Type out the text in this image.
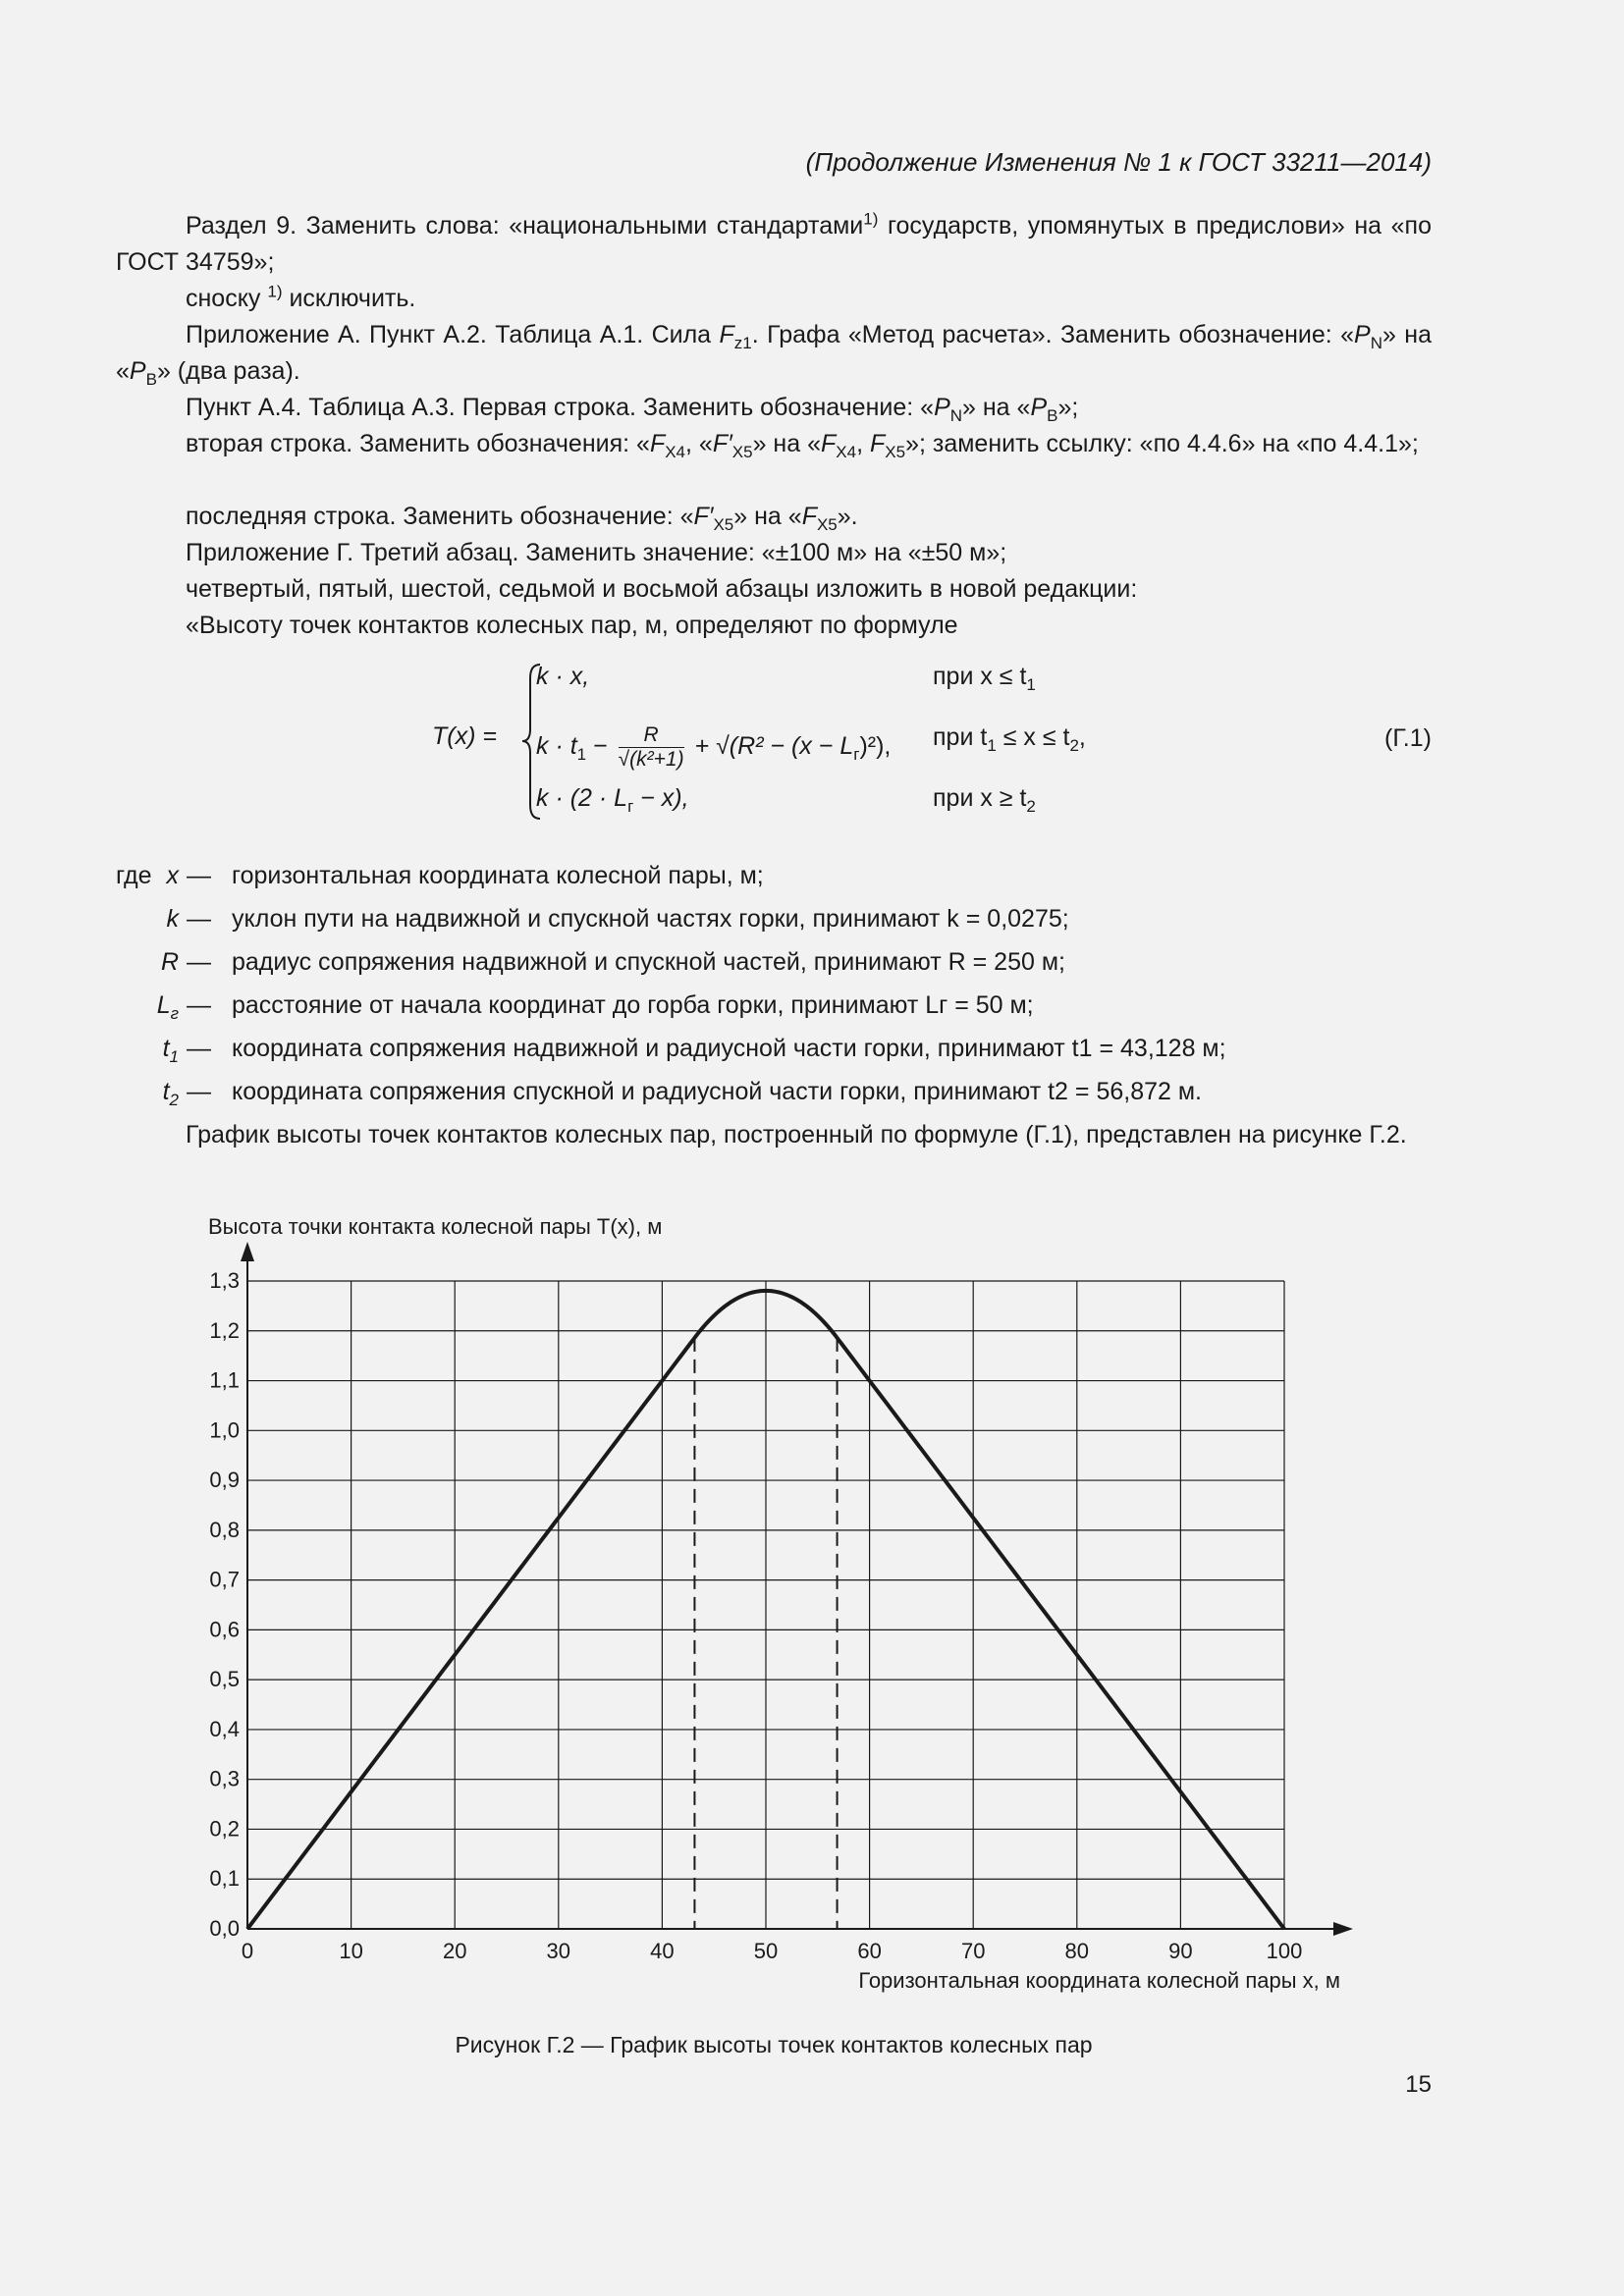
(Продолжение Изменения № 1 к ГОСТ 33211—2014)
Раздел 9. Заменить слова: «национальными стандартами$^{1)}$ государств, упомянутых в предислови» на «по ГОСТ 34759»;
сноску $^{1)}$ исключить.
Приложение А. Пункт А.2. Таблица А.1. Сила $F_{z1}$. Графа «Метод расчета». Заменить обозначение: «$P_N$» на «$P_В$» (два раза).
Пункт А.4. Таблица А.3. Первая строка. Заменить обозначение: «$P_N$» на «$P_В$»;
вторая строка. Заменить обозначения: «$F_{X4}$, «$F'_{X5}$» на «$F_{X4}$, $F_{X5}$»; заменить ссылку: «по 4.4.6» на «по 4.4.1»;
последняя строка. Заменить обозначение: «$F'_{X5}$» на «$F_{X5}$».
Приложение Г. Третий абзац. Заменить значение: «±100 м» на «±50 м»;
четвертый, пятый, шестой, седьмой и восьмой абзацы изложить в новой редакции:
«Высоту точек контактов колесных пар, м, определяют по формуле
T(x) =
k · x,
$k \cdot t_1 - \frac{R}{\text{√(k²+1)}} + √(R^2 - (x - L_г)^2)$,
$k \cdot (2 \cdot L_г - x)$,
при $x \le t_1$
при $t_1 \le x \le t_2$,
при $x \ge t_2$
(Г.1)
где x — горизонтальная координата колесной пары, м;
k — уклон пути на надвижной и спускной частях горки, принимают k = 0,0275;
R — радиус сопряжения надвижной и спускной частей, принимают R = 250 м;
$L_г$ — расстояние от начала координат до горба горки, принимают Lг = 50 м;
$t_1$ — координата сопряжения надвижной и радиусной части горки, принимают t1 = 43,128 м;
$t_2$ — координата сопряжения спускной и радиусной части горки, принимают t2 = 56,872 м.
График высоты точек контактов колесных пар, построенный по формуле (Г.1), представлен на рисунке Г.2.
Высота точки контакта колесной пары T(x), м
Горизонтальная координата колесной пары x, м
0	10	20	30	40	50	60	70	80	90	100
0,0
0,1
0,2
0,3
0,4
0,5
0,6
0,7
0,8
0,9
1,0
1,1
1,2
1,3
Рисунок Г.2 — График высоты точек контактов колесных пар
15
